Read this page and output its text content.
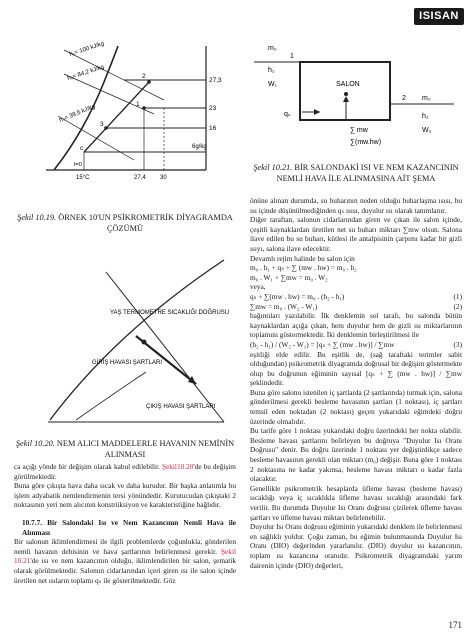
ISISAN
h₁= 100 kJ/kg
h₂= 84,2 kJ/kg
h₃= 39,5 kJ/kg
27,3
23
16
6g/kg
t=0
15°C	27,4 30
1
2
3
c
Şekil 10.19. ÖRNEK 10'UN PSİKROMETRİK DİYAGRAMDA ÇÖZÜMÜ
YAŞ TERMOMETRE SICAKLIĞI DOĞRUSU
GİRİŞ HAVASI ŞARTLARI
ÇIKIŞ HAVASI ŞARTLARI
Şekil 10.20. NEM ALICI MADDELERLE HAVANIN NEMİNİN ALINMASI
m₀
h₁
W₁	SALON
qₛ
∑ mw
∑(mw.hw)
1
2 m₀
h₂
W₂
Şekil 10.21. BİR SALONDAKİ ISI VE NEM KAZANCININ NEMLİ HAVA İLE ALINMASINA AİT ŞEMA

ca açığı yönde bir değişim olarak kabul edilebilir. Şekil10.20'de bu değişim görülmektedir.

Buna göre çıkışta hava daha sıcak ve daha kurudur. Bir başka anlatımla bu işlem adyabatik nemlendirmenin tersi yönündedir. Kurutucudan çıkıştaki 2 noktasının yeri nem alıcının konstrüksiyon ve karakteristiğine bağlıdır.

10.7.7. Bir Salondaki Isı ve Nem Kazancının Nemli Hava ile Alınması

Bir salonun iklimlendirmesi ile ilgili problemlerde çoğunlukla, gönderilen nemli havanın debisinin ve hava şartlarının belirlenmesi gerekir. Şekil 10.21'de ısı ve nem kazancının olduğu, iklimlendirilen bir salon, şematik olarak görülmektedir. Salonun cidarlarından içeri giren ısı ile salon içinde üretilen net ısıların toplamı qₛ ile gösterilmektedir. Göz

önüne alınan durumda, su buharının neden olduğu buharlaşma ısısı, bu ısı içinde düşünülmediğinden qₛ ısısı, duyulur ısı olarak tanımlanır.

Diğer taraftan, salonun cidarlarından giren ve çıkan ile salon içinde, çeşitli kaynaklardan üretilen net su buharı miktarı ∑mw olsun. Salona ilave edilen bu su buharı, kütlesi ile antalpisinin çarpımı kadar bir gizli ısıyı, salona ilave edecektir.

Devamlı rejim halinde bu salon için

m₀ . h₁ + qₛ + ∑ (mw . hw) = m₀ . h₂

m₀ . W₁ + ∑mw = m₀ . W₂

veya,

qₛ + ∑(mw . hw) = m₀ . (h₂ - h₁)	(1)
∑mw = m₀ . (W₂ - W₁)	(2)

bağıntıları yazılabilir. İlk denklemin sol tarafı, bu salonda bütün kaynaklardan açığa çıkan, hem duyulur hem de gizli ısı miktarlarının toplamını göstermektedir. İki denklemin birleştirilmesi ile

(h₂ - h₁) / (W₂ - W₁) = [qₛ + ∑ (mw . hw)] / ∑mw	(3)

eşitliği elde edilir. Bu eşitlik de, (sağ taraftaki terimler sabit olduğundan) psikrometrik diyagramda doğrusal bir değişim göstermekte olup bu doğrunun eğiminin sayısal [qₛ + ∑ (mw . hw)] / ∑mw şeklindedir.

Buna göre salonu istenilen iç şartlarda (2 şartlarında) tutmak için, salona gönderilmesi gerekli besleme havasının şartları (1 noktası), iç şartları temsil eden noktadan (2 noktası) geçen yukarıdaki eğimdeki doğru üzerinde olmalıdır.

Bu tarife göre 1 noktası yukarıdaki doğru üzerindeki her nokta olabilir. Besleme havası şartlarını belirleyen bu doğruya "Duyulur Isı Oranı Doğrusu" denir. Bu doğru üzerinde 1 noktası yer değiştirdikçe sadece besleme havasının gerekli olan miktarı (m₀) değişir. Buna göre 1 noktası 2 noktasına ne kadar yakınsa, besleme havası miktarı o kadar fazla olacaktır.

Genellikle psikrometrik hesaplarda üfleme havası (besleme havası) sıcaklığı veya iç sıcaklıkla üfleme havası sıcaklığı arasındaki fark verilir. Bu durumda Duyulur Isı Oranı doğrusu çizilerek üfleme havası şartları ve üfleme havası miktarı belirlenebilir.

Duyulur Isı Oranı doğrusu eğiminin yukarıdaki denklem ile belirlenmesi en sağlıklı yoldur. Çoğu zaman, bu eğimin bulunmasında Duyulur Isı Oranı (DIO) değerinden yararlanılır. (DIO) duyulur ısı kazancının, toplam ısı kazancına oranıdır. Psikrometrik diyagramdaki yarım dairenin içinde (DIO) değerleri,

171
